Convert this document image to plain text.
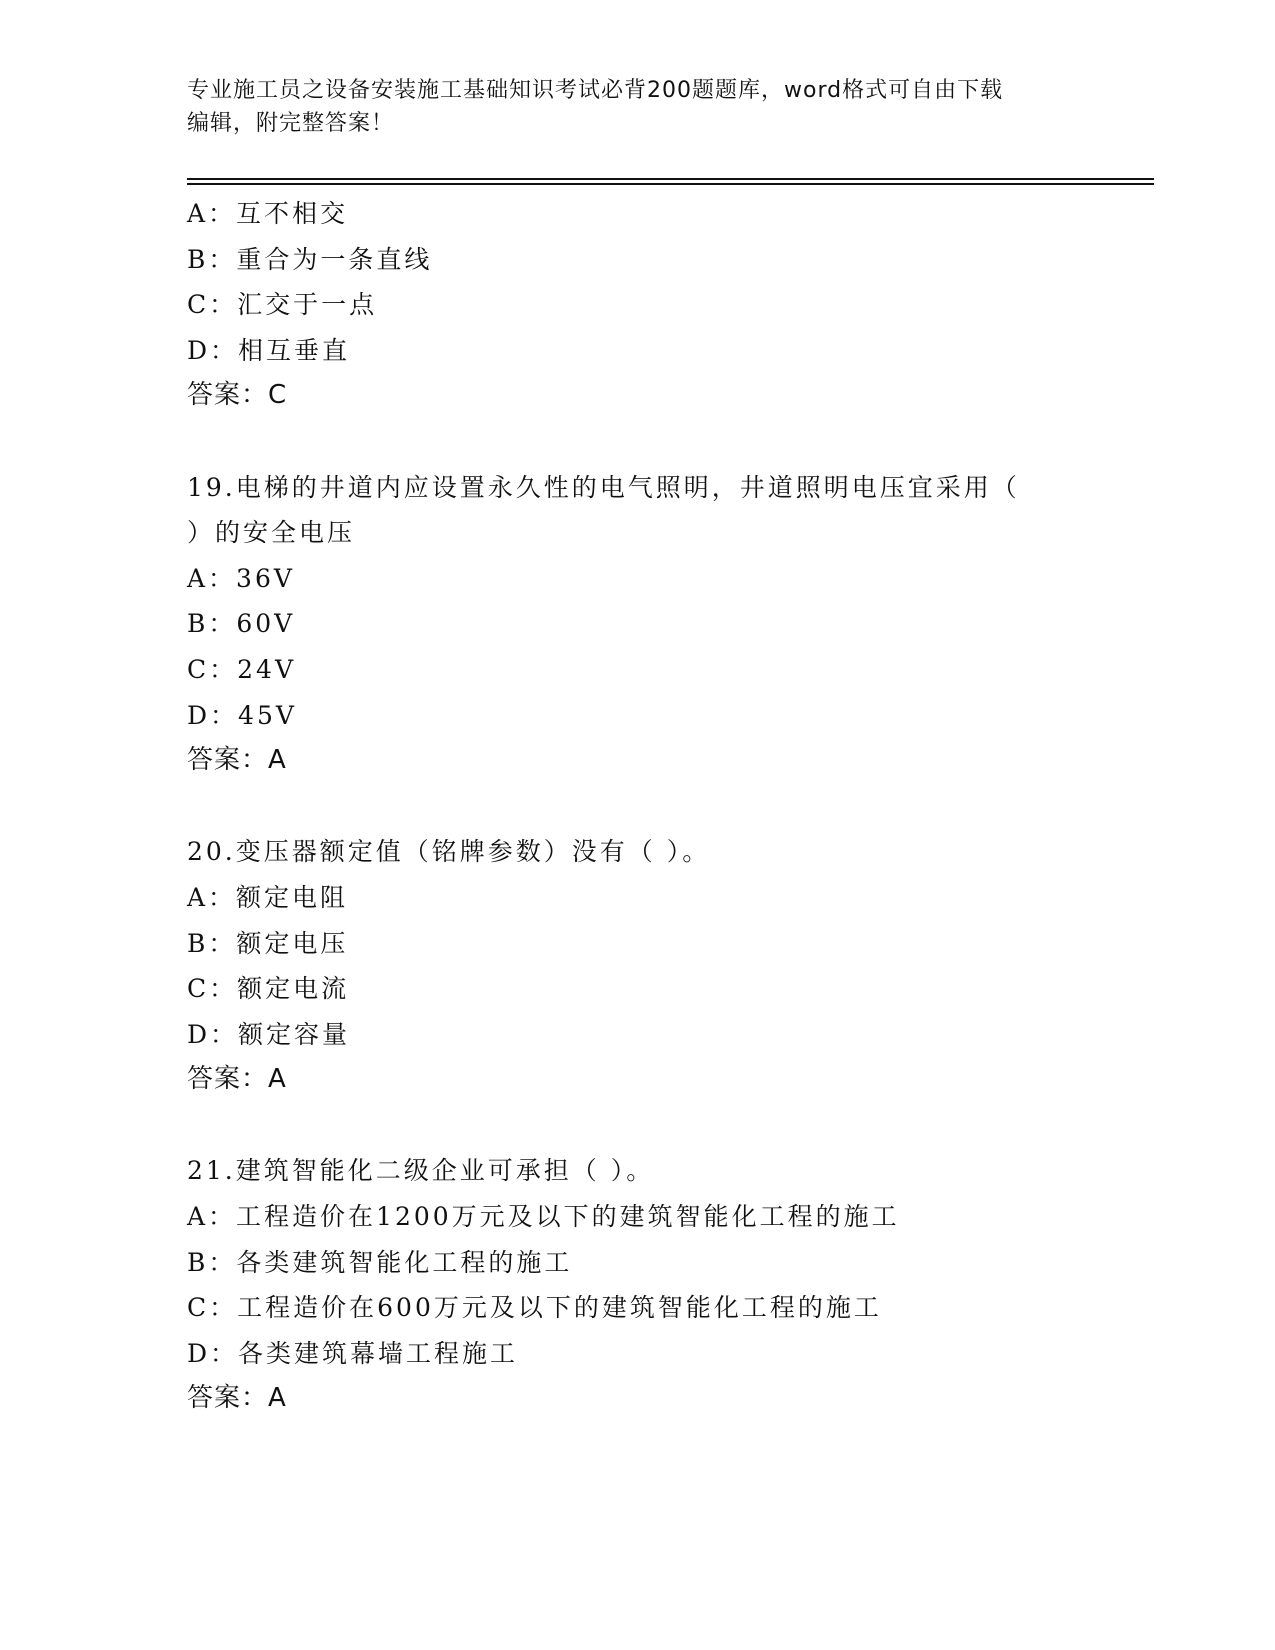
专业施工员之设备安装施工基础知识考试必背200题题库，word格式可自由下载
编辑，附完整答案！
A：互不相交
B：重合为一条直线
C：汇交于一点
D：相互垂直
答案：C
19.电梯的井道内应设置永久性的电气照明，井道照明电压宜采用（
）的安全电压
A：36V
B：60V
C：24V
D：45V
答案：A
20.变压器额定值（铭牌参数）没有（ ）。
A：额定电阻
B：额定电压
C：额定电流
D：额定容量
答案：A
21.建筑智能化二级企业可承担（ ）。
A：工程造价在1200万元及以下的建筑智能化工程的施工
B：各类建筑智能化工程的施工
C：工程造价在600万元及以下的建筑智能化工程的施工
D：各类建筑幕墙工程施工
答案：A
